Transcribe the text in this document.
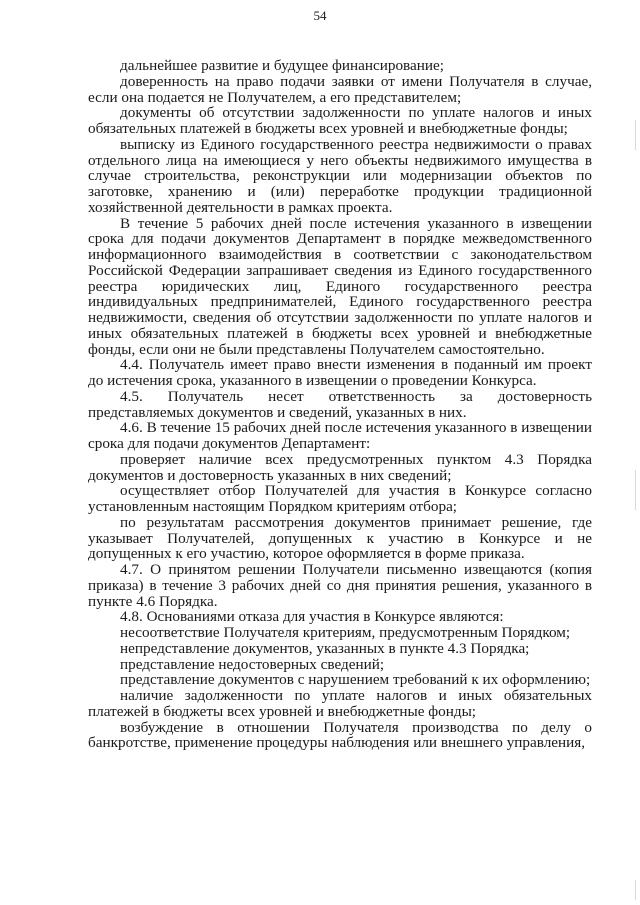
54

дальнейшее развитие и будущее финансирование;

доверенность на право подачи заявки от имени Получателя в случае, если она подается не Получателем, а его представителем;

документы об отсутствии задолженности по уплате налогов и иных обязательных платежей в бюджеты всех уровней и внебюджетные фонды;

выписку из Единого государственного реестра недвижимости о правах отдельного лица на имеющиеся у него объекты недвижимого имущества в случае строительства, реконструкции или модернизации объектов по заготовке, хранению и (или) переработке продукции традиционной хозяйственной деятельности в рамках проекта.

В течение 5 рабочих дней после истечения указанного в извещении срока для подачи документов Департамент в порядке межведомственного информационного взаимодействия в соответствии с законодательством Российской Федерации запрашивает сведения из Единого государственного реестра юридических лиц, Единого государственного реестра индивидуальных предпринимателей, Единого государственного реестра недвижимости, сведения об отсутствии задолженности по уплате налогов и иных обязательных платежей в бюджеты всех уровней и внебюджетные фонды, если они не были представлены Получателем самостоятельно.

4.4. Получатель имеет право внести изменения в поданный им проект до истечения срока, указанного в извещении о проведении Конкурса.

4.5. Получатель несет ответственность за достоверность представляемых документов и сведений, указанных в них.

4.6. В течение 15 рабочих дней после истечения указанного в извещении срока для подачи документов Департамент:

проверяет наличие всех предусмотренных пунктом 4.3 Порядка документов и достоверность указанных в них сведений;

осуществляет отбор Получателей для участия в Конкурсе согласно установленным настоящим Порядком критериям отбора;

по результатам рассмотрения документов принимает решение, где указывает Получателей, допущенных к участию в Конкурсе и не допущенных к его участию, которое оформляется в форме приказа.

4.7. О принятом решении Получатели письменно извещаются (копия приказа) в течение 3 рабочих дней со дня принятия решения, указанного в пункте 4.6 Порядка.

4.8. Основаниями отказа для участия в Конкурсе являются:

несоответствие Получателя критериям, предусмотренным Порядком;

непредставление документов, указанных в пункте 4.3 Порядка;

представление недостоверных сведений;

представление документов с нарушением требований к их оформлению;

наличие задолженности по уплате налогов и иных обязательных платежей в бюджеты всех уровней и внебюджетные фонды;

возбуждение в отношении Получателя производства по делу о банкротстве, применение процедуры наблюдения или внешнего управления,
